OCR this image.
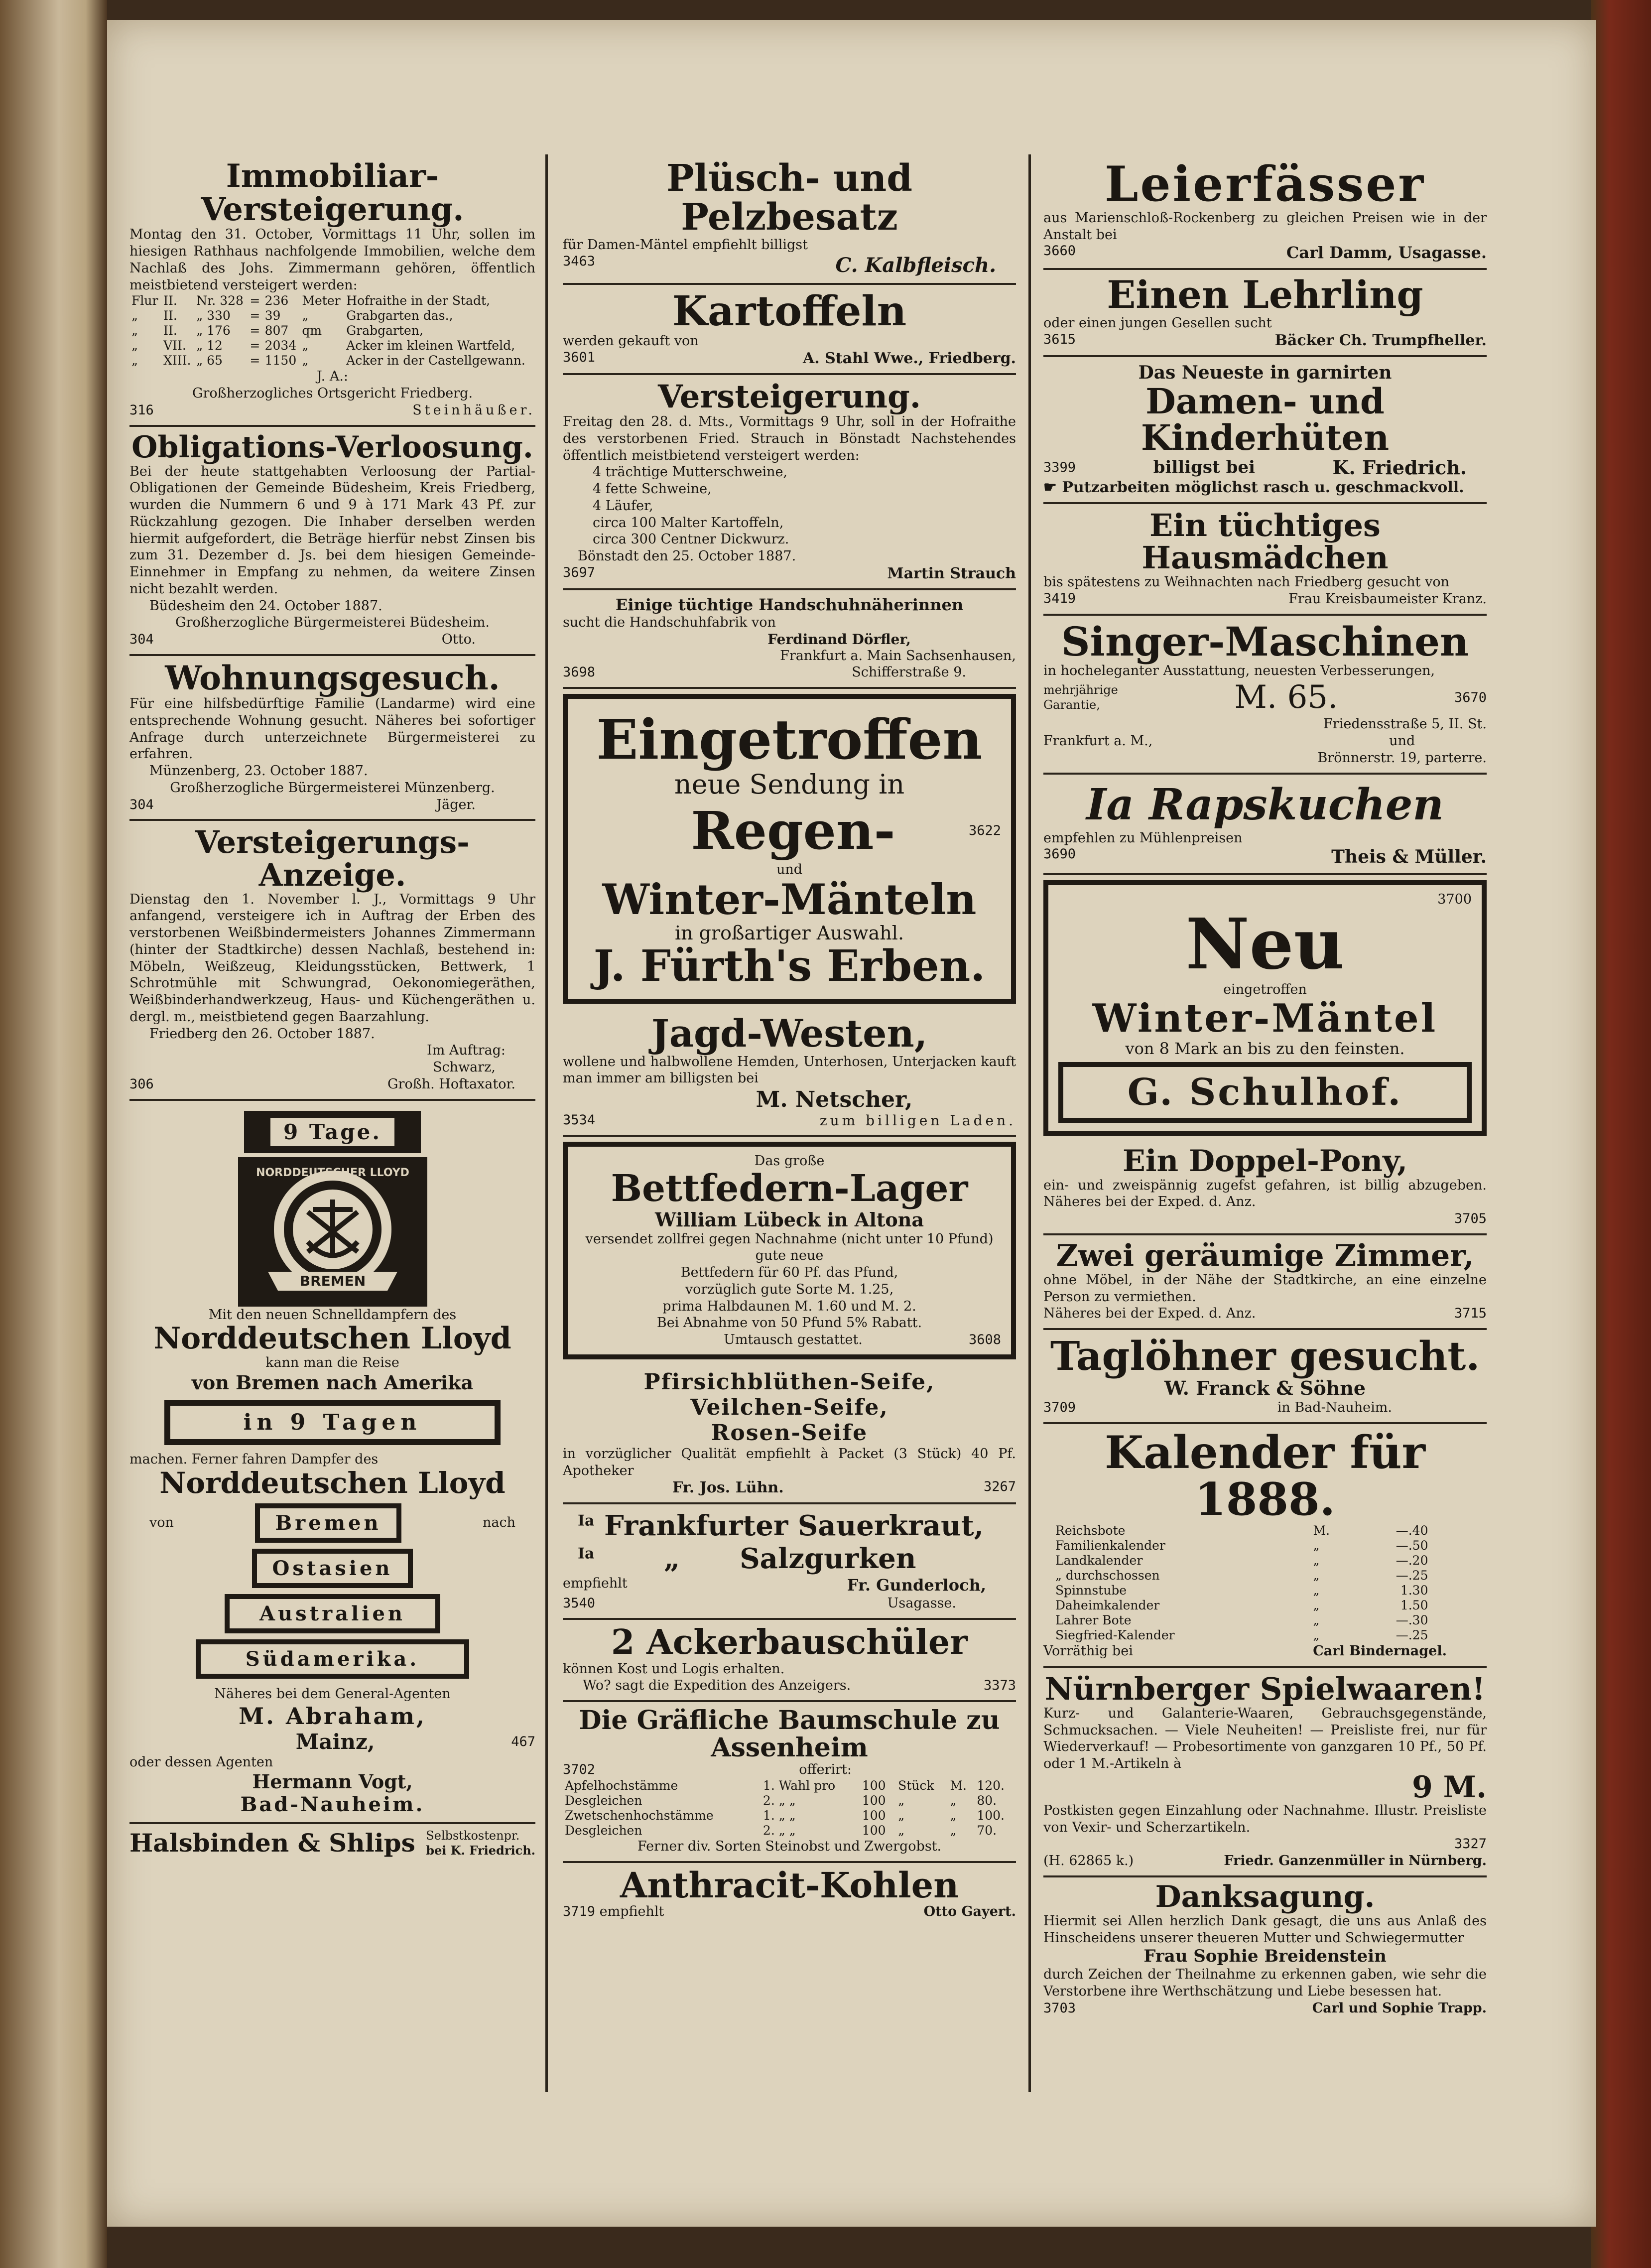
Immobiliar-Versteigerung.
Montag den 31. October, Vormittags 11 Uhr, sollen im hiesigen Rathhaus nachfolgende Immobilien, welche dem Nachlaß des Johs. Zimmermann gehören, öffentlich meistbietend versteigert werden:
Flur	II.	Nr. 328	=	236	Meter	Hofraithe in der Stadt,
„	II.	„ 330	=	39	„	Grabgarten das.,
„	II.	„ 176	=	807	qm	Grabgarten,
„	VII.	„ 12	=	2034	„	Acker im kleinen Wartfeld,
„	XIII.	„ 65	=	1150	„	Acker in der Castellgewann.
J. A.:
Großherzogliches Ortsgericht Friedberg.
316	Steinhäußer.
Obligations-Verloosung.
Bei der heute stattgehabten Verloosung der Partial-Obligationen der Gemeinde Büdesheim, Kreis Friedberg, wurden die Nummern 6 und 9 à 171 Mark 43 Pf. zur Rückzahlung gezogen. Die Inhaber derselben werden hiermit aufgefordert, die Beträge hierfür nebst Zinsen bis zum 31. Dezember d. Js. bei dem hiesigen Gemeinde-Einnehmer in Empfang zu nehmen, da weitere Zinsen nicht bezahlt werden.
Büdesheim den 24. October 1887.
Großherzogliche Bürgermeisterei Büdesheim.
304	Otto.
Wohnungsgesuch.
Für eine hilfsbedürftige Familie (Landarme) wird eine entsprechende Wohnung gesucht. Näheres bei sofortiger Anfrage durch unterzeichnete Bürgermeisterei zu erfahren.
Münzenberg, 23. October 1887.
Großherzogliche Bürgermeisterei Münzenberg.
304	Jäger.
Versteigerungs-Anzeige.
Dienstag den 1. November l. J., Vormittags 9 Uhr anfangend, versteigere ich in Auftrag der Erben des verstorbenen Weißbindermeisters Johannes Zimmermann (hinter der Stadtkirche) dessen Nachlaß, bestehend in: Möbeln, Weißzeug, Kleidungsstücken, Bettwerk, 1 Schrotmühle mit Schwungrad, Oekonomiegeräthen, Weißbinderhandwerkzeug, Haus- und Küchengeräthen u. dergl. m., meistbietend gegen Baarzahlung.
Friedberg den 26. October 1887.
Im Auftrag:
Schwarz,
306	Großh. Hoftaxator.
9 Tage.
NORDDEUTSCHER LLOYD
BREMEN
Mit den neuen Schnelldampfern des
Norddeutschen Lloyd
kann man die Reise
von Bremen nach Amerika
in 9 Tagen
machen. Ferner fahren Dampfer des
Norddeutschen Lloyd
von	Bremen	nach
Ostasien
Australien
Südamerika.
Näheres bei dem General-Agenten
M. Abraham,
Mainz,	467
oder dessen Agenten
Hermann Vogt,
Bad-Nauheim.
Halsbinden & Shlips Selbstkostenpr.
bei K. Friedrich.
Plüsch- und Pelzbesatz
für Damen-Mäntel empfiehlt billigst
3463	C. Kalbfleisch.
Kartoffeln
werden gekauft von
3601	A. Stahl Wwe., Friedberg.
Versteigerung.
Freitag den 28. d. Mts., Vormittags 9 Uhr, soll in der Hofraithe des verstorbenen Fried. Strauch in Bönstadt Nachstehendes öffentlich meistbietend versteigert werden:
4 trächtige Mutterschweine,
4 fette Schweine,
4 Läufer,
circa 100 Malter Kartoffeln,
circa 300 Centner Dickwurz.
Bönstadt den 25. October 1887.
3697	Martin Strauch
Einige tüchtige Handschuhnäherinnen
sucht die Handschuhfabrik von
Ferdinand Dörfler,
Frankfurt a. Main Sachsenhausen,
3698	Schifferstraße 9.
Eingetroffen
neue Sendung in
Regen-	3622
und
Winter-Mänteln
in großartiger Auswahl.
J. Fürth's Erben.
Jagd-Westen,
wollene und halbwollene Hemden, Unterhosen, Unterjacken kauft man immer am billigsten bei
M. Netscher,
3534	zum billigen Laden.
Das große
Bettfedern-Lager
William Lübeck in Altona
versendet zollfrei gegen Nachnahme (nicht unter 10 Pfund) gute neue
Bettfedern für 60 Pf. das Pfund,
vorzüglich gute Sorte M. 1.25,
prima Halbdaunen M. 1.60 und M. 2.
Bei Abnahme von 50 Pfund 5% Rabatt.
Umtausch gestattet.	3608
Pfirsichblüthen-Seife,
Veilchen-Seife,
Rosen-Seife
in vorzüglicher Qualität empfiehlt à Packet (3 Stück) 40 Pf. Apotheker
Fr. Jos. Lühn.	3267
$^{Ia}$ Frankfurter Sauerkraut,
$^{Ia}$ „ Salzgurken
empfiehlt	Fr. Gunderloch,
3540	Usagasse.
2 Ackerbauschüler
können Kost und Logis erhalten.
Wo? sagt die Expedition des Anzeigers.	3373
Die Gräfliche Baumschule zu Assenheim
3702	offerirt:
Apfelhochstämme	1. Wahl pro	100	Stück	M.	120.
Desgleichen	2. „ „	100	„	„	80.
Zwetschenhochstämme	1. „ „	100	„	„	100.
Desgleichen	2. „ „	100	„	„	70.
Ferner div. Sorten Steinobst und Zwergobst.
Anthracit-Kohlen
3719 empfiehlt	Otto Gayert.
Leierfässer
aus Marienschloß-Rockenberg zu gleichen Preisen wie in der Anstalt bei
3660	Carl Damm, Usagasse.
Einen Lehrling
oder einen jungen Gesellen sucht
3615	Bäcker Ch. Trumpfheller.
Das Neueste in garnirten
Damen- und Kinderhüten
3399	billigst bei	K. Friedrich.
☛ Putzarbeiten möglichst rasch u. geschmackvoll.
Ein tüchtiges Hausmädchen
bis spätestens zu Weihnachten nach Friedberg gesucht von
3419	Frau Kreisbaumeister Kranz.
Singer-Maschinen
in hocheleganter Ausstattung, neuesten Verbesserungen,
mehrjährige
Garantie,	M. 65.	3670
Frankfurt a. M.,
Friedensstraße 5, II. St.
und
Brönnerstr. 19, parterre.
Ia Rapskuchen
empfehlen zu Mühlenpreisen
3690	Theis & Müller.
3700
Neu
eingetroffen
Winter-Mäntel
von 8 Mark an bis zu den feinsten.
G. Schulhof.
Ein Doppel-Pony,
ein- und zweispännig zugefst gefahren, ist billig abzugeben. Näheres bei der Exped. d. Anz.
3705
Zwei geräumige Zimmer,
ohne Möbel, in der Nähe der Stadtkirche, an eine einzelne Person zu vermiethen.
Näheres bei der Exped. d. Anz.	3715
Taglöhner gesucht.
W. Franck & Söhne
3709	in Bad-Nauheim.
Kalender für 1888.
Reichsbote	M.	—.40
Familienkalender	„	—.50
Landkalender	„	—.20
„ durchschossen	„	—.25
Spinnstube	„	1.30
Daheimkalender	„	1.50
Lahrer Bote	„	—.30
Siegfried-Kalender	„	—.25
Vorräthig bei	Carl Bindernagel.
Nürnberger Spielwaaren!
Kurz- und Galanterie-Waaren, Gebrauchsgegenstände, Schmucksachen. — Viele Neuheiten! — Preisliste frei, nur für Wiederverkauf! — Probesortimente von ganzgaren 10 Pf., 50 Pf. oder 1 M.-Artikeln à
9 M.
Postkisten gegen Einzahlung oder Nachnahme. Illustr. Preisliste von Vexir- und Scherzartikeln.
3327
(H. 62865 k.)	Friedr. Ganzenmüller in Nürnberg.
Danksagung.
Hiermit sei Allen herzlich Dank gesagt, die uns aus Anlaß des Hinscheidens unserer theueren Mutter und Schwiegermutter
Frau Sophie Breidenstein
durch Zeichen der Theilnahme zu erkennen gaben, wie sehr die Verstorbene ihre Werthschätzung und Liebe besessen hat.
3703	Carl und Sophie Trapp.
